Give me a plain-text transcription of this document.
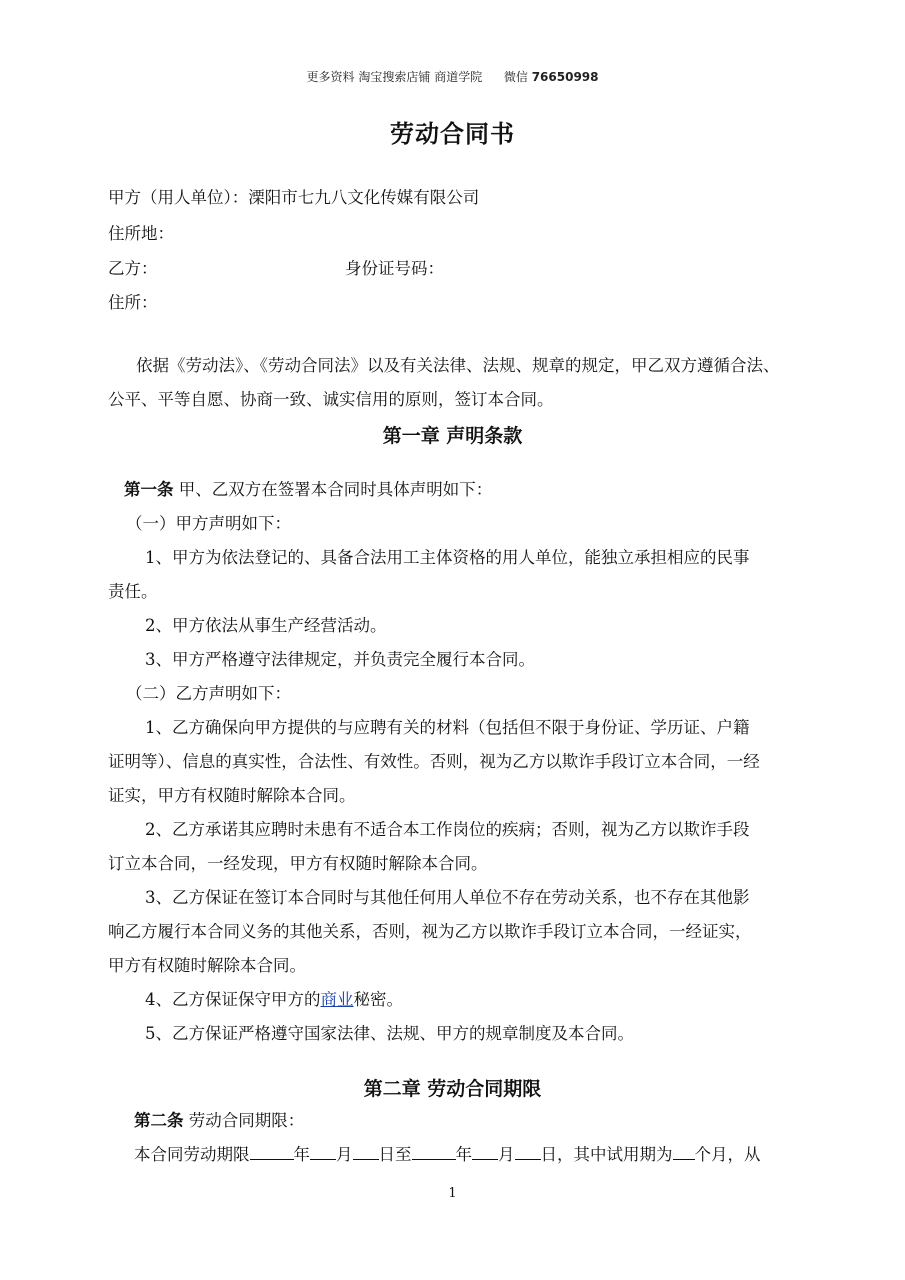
更多资料 淘宝搜索店铺 商道学院 微信 76650998
劳动合同书
甲方（用人单位）：溧阳市七九八文化传媒有限公司
住所地：
乙方：	身份证号码：
住所：
依据《劳动法》、《劳动合同法》以及有关法律、法规、规章的规定，甲乙双方遵循合法、
公平、平等自愿、协商一致、诚实信用的原则，签订本合同。
第一章 声明条款
第一条 甲、乙双方在签署本合同时具体声明如下：
（一）甲方声明如下：
1、甲方为依法登记的、具备合法用工主体资格的用人单位，能独立承担相应的民事
责任。
2、甲方依法从事生产经营活动。
3、甲方严格遵守法律规定，并负责完全履行本合同。
（二）乙方声明如下：
1、乙方确保向甲方提供的与应聘有关的材料（包括但不限于身份证、学历证、户籍
证明等）、信息的真实性，合法性、有效性。否则，视为乙方以欺诈手段订立本合同，一经
证实，甲方有权随时解除本合同。
2、乙方承诺其应聘时未患有不适合本工作岗位的疾病；否则，视为乙方以欺诈手段
订立本合同，一经发现，甲方有权随时解除本合同。
3、乙方保证在签订本合同时与其他任何用人单位不存在劳动关系，也不存在其他影
响乙方履行本合同义务的其他关系，否则，视为乙方以欺诈手段订立本合同，一经证实，
甲方有权随时解除本合同。
4、乙方保证保守甲方的商业秘密。
5、乙方保证严格遵守国家法律、法规、甲方的规章制度及本合同。
第二章 劳动合同期限
第二条 劳动合同期限：
本合同劳动期限	年 月 日至	年 月 日，其中试用期为 个月，从
1
